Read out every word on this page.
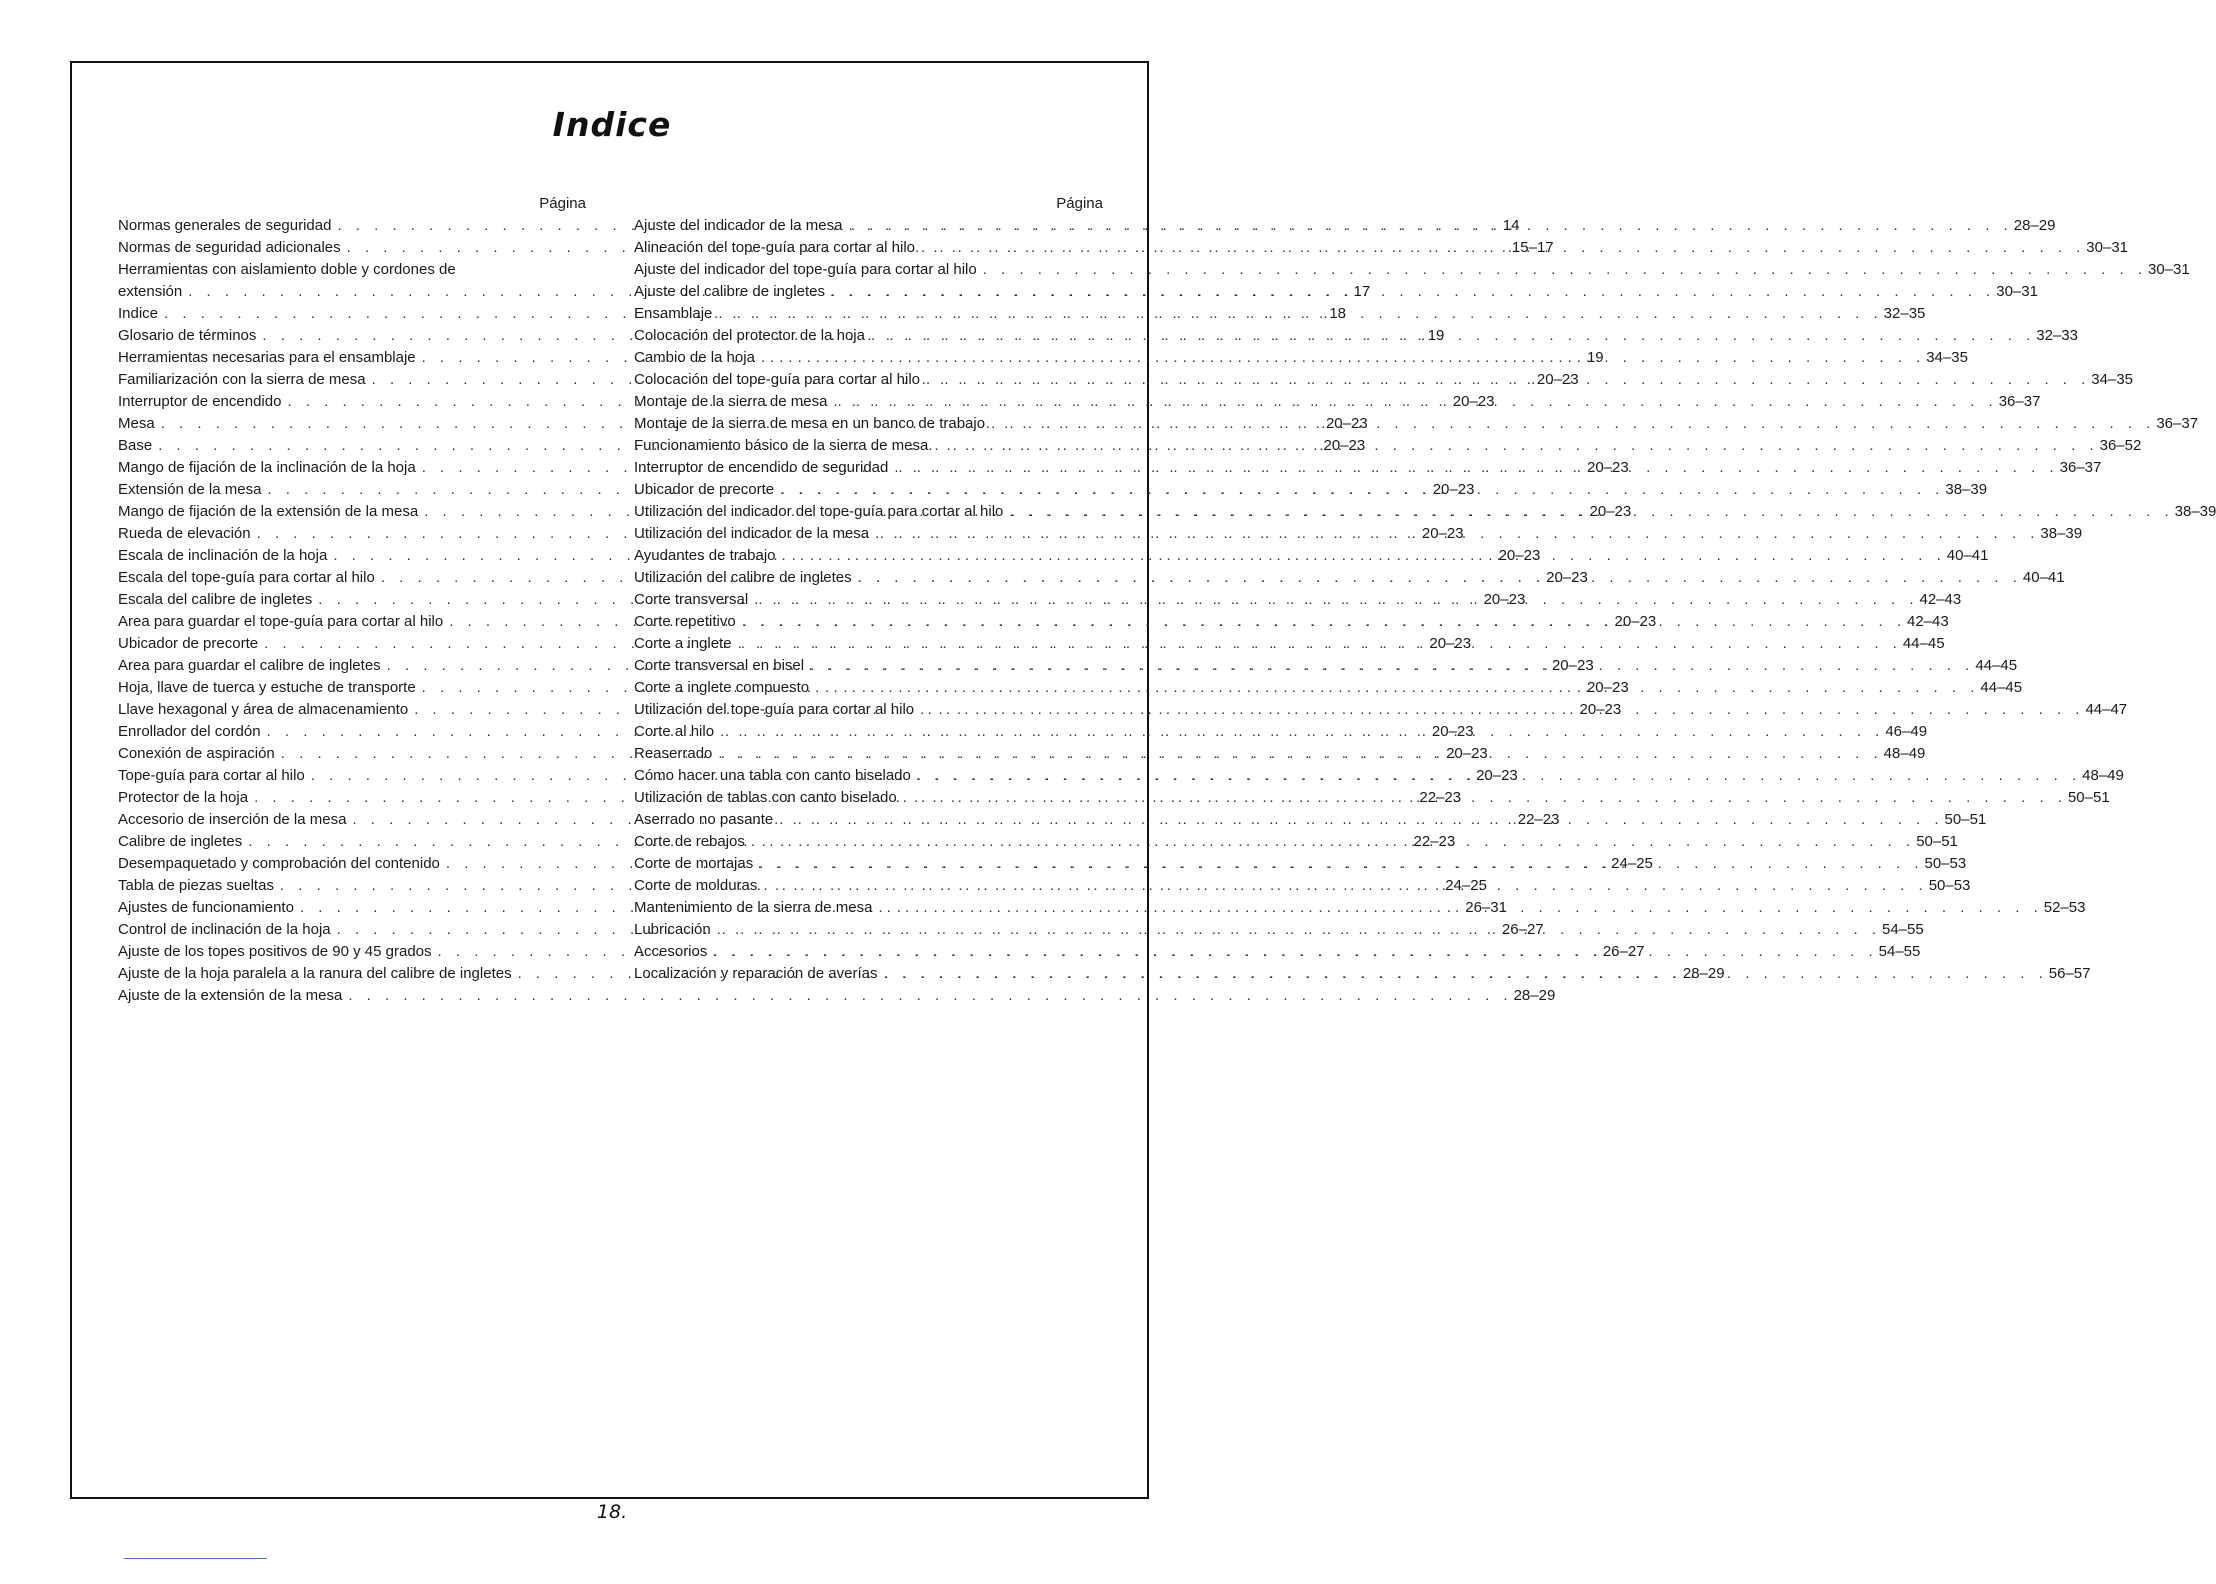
Indice
Página
Normas generales de seguridad . . .	14
Normas de seguridad adicionales . . .	15–17
Herramientas con aislamiento doble y cordones de
extensión . . .	17
Indice . . .	18
Glosario de términos . . .	19
Herramientas necesarias para el ensamblaje . . .	19
Familiarización con la sierra de mesa . . .	20–23
Interruptor de encendido . . .	20–23
Mesa . . .	20–23
Base . . .	20–23
Mango de fijación de la inclinación de la hoja . . .	20–23
Extensión de la mesa . . .	20–23
Mango de fijación de la extensión de la mesa . . .	20–23
Rueda de elevación . . .	20–23
Escala de inclinación de la hoja . . .	20–23
Escala del tope-guía para cortar al hilo . . .	20–23
Escala del calibre de ingletes . . .	20–23
Area para guardar el tope-guía para cortar al hilo . . .	20–23
Ubicador de precorte . . .	20–23
Area para guardar el calibre de ingletes . . .	20–23
Hoja, llave de tuerca y estuche de transporte . . .	20–23
Llave hexagonal y área de almacenamiento . . .	20–23
Enrollador del cordón . . .	20–23
Conexión de aspiración . . .	20–23
Tope-guía para cortar al hilo . . .	20–23
Protector de la hoja . . .	22–23
Accesorio de inserción de la mesa . . .	22–23
Calibre de ingletes . . .	22–23
Desempaquetado y comprobación del contenido . . .	24–25
Tabla de piezas sueltas . . .	24–25
Ajustes de funcionamiento . . .	26–31
Control de inclinación de la hoja . . .	26–27
Ajuste de los topes positivos de 90 y 45 grados . . .	26–27
Ajuste de la hoja paralela a la ranura del calibre de ingletes . . .	28–29
Ajuste de la extensión de la mesa . . .	28–29
Página
Ajuste del indicador de la mesa . . .	28–29
Alineación del tope-guía para cortar al hilo . . .	30–31
Ajuste del indicador del tope-guía para cortar al hilo . . .	30–31
Ajuste del calibre de ingletes . . .	30–31
Ensamblaje . . .	32–35
Colocación del protector de la hoja . . .	32–33
Cambio de la hoja . . .	34–35
Colocación del tope-guía para cortar al hilo . . .	34–35
Montaje de la sierra de mesa . . .	36–37
Montaje de la sierra de mesa en un banco de trabajo . . .	36–37
Funcionamiento básico de la sierra de mesa . . .	36–52
Interruptor de encendido de seguridad . . .	36–37
Ubicador de precorte . . .	38–39
Utilización del indicador del tope-guía para cortar al hilo . . .	38–39
Utilización del indicador de la mesa . . .	38–39
Ayudantes de trabajo . . .	40–41
Utilización del calibre de ingletes . . .	40–41
Corte transversal . . .	42–43
Corte repetitivo . . .	42–43
Corte a inglete . . .	44–45
Corte transversal en bisel . . .	44–45
Corte a inglete compuesto . . .	44–45
Utilización del tope-guía para cortar al hilo . . .	44–47
Corte al hilo . . .	46–49
Reaserrado . . .	48–49
Cómo hacer una tabla con canto biselado . . .	48–49
Utilización de tablas con canto biselado . . .	50–51
Aserrado no pasante . . .	50–51
Corte de rebajos . . .	50–51
Corte de mortajas . . .	50–53
Corte de molduras . . .	50–53
Mantenimiento de la sierra de mesa . . .	52–53
Lubricación . . .	54–55
Accesorios . . .	54–55
Localización y reparación de averías . . .	56–57
18.
